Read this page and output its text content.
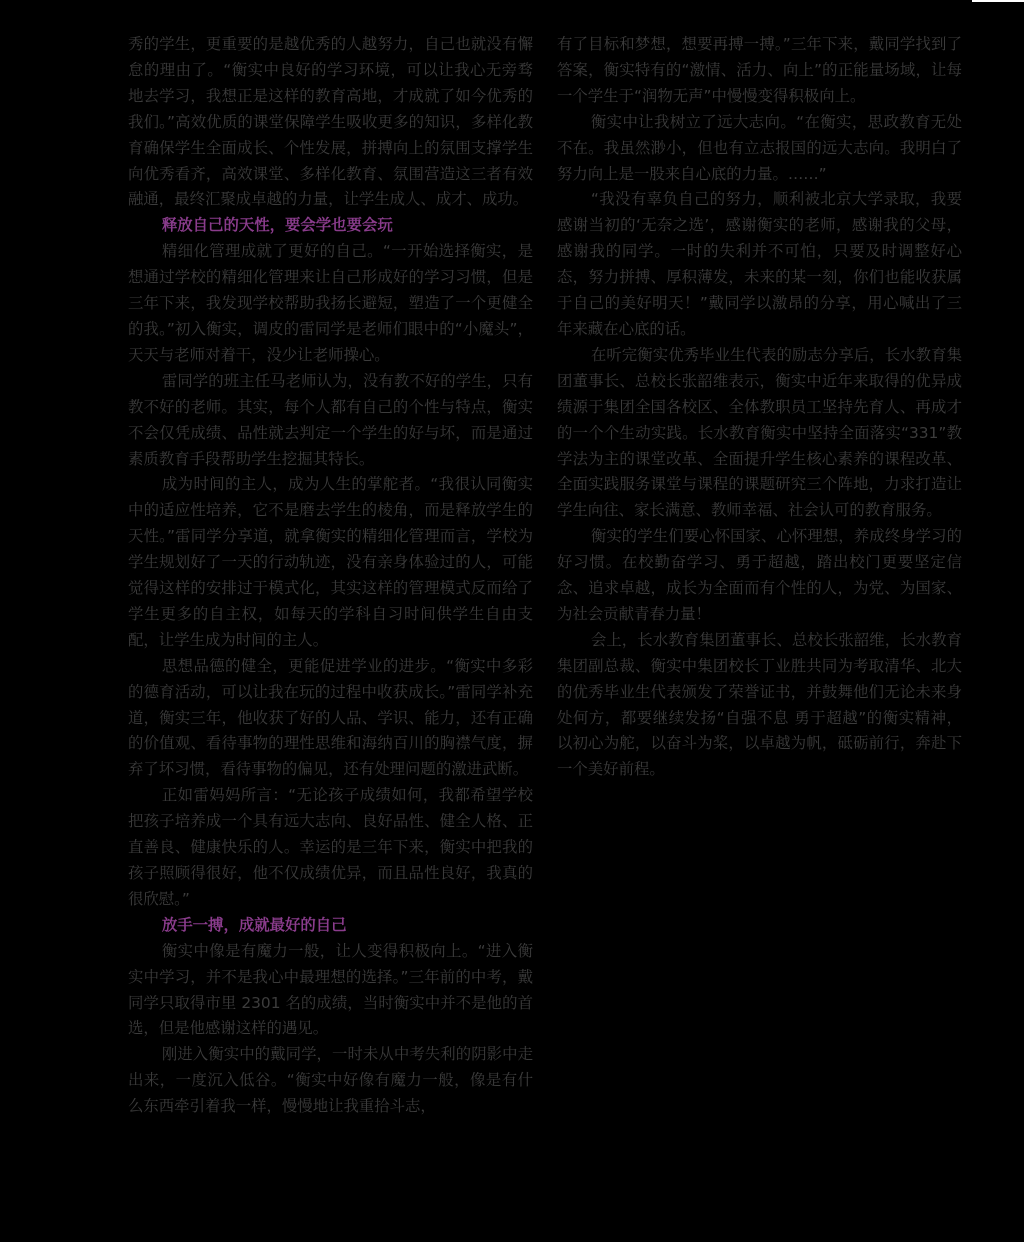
秀的学生，更重要的是越优秀的人越努力，自己也就没有懈怠的理由了。“衡实中良好的学习环境，可以让我心无旁骛地去学习，我想正是这样的教育高地，才成就了如今优秀的我们。”高效优质的课堂保障学生吸收更多的知识，多样化教育确保学生全面成长、个性发展，拼搏向上的氛围支撑学生向优秀看齐，高效课堂、多样化教育、氛围营造这三者有效融通，最终汇聚成卓越的力量，让学生成人、成才、成功。

释放自己的天性，要会学也要会玩

精细化管理成就了更好的自己。“一开始选择衡实，是想通过学校的精细化管理来让自己形成好的学习习惯，但是三年下来，我发现学校帮助我扬长避短，塑造了一个更健全的我。”初入衡实，调皮的雷同学是老师们眼中的“小魔头”，天天与老师对着干，没少让老师操心。

雷同学的班主任马老师认为，没有教不好的学生，只有教不好的老师。其实，每个人都有自己的个性与特点，衡实不会仅凭成绩、品性就去判定一个学生的好与坏，而是通过素质教育手段帮助学生挖掘其特长。

成为时间的主人，成为人生的掌舵者。“我很认同衡实中的适应性培养，它不是磨去学生的棱角，而是释放学生的天性。”雷同学分享道，就拿衡实的精细化管理而言，学校为学生规划好了一天的行动轨迹，没有亲身体验过的人，可能觉得这样的安排过于模式化，其实这样的管理模式反而给了学生更多的自主权，如每天的学科自习时间供学生自由支配，让学生成为时间的主人。

思想品德的健全，更能促进学业的进步。“衡实中多彩的德育活动，可以让我在玩的过程中收获成长。”雷同学补充道，衡实三年，他收获了好的人品、学识、能力，还有正确的价值观、看待事物的理性思维和海纳百川的胸襟气度，摒弃了坏习惯，看待事物的偏见，还有处理问题的激进武断。

正如雷妈妈所言：“无论孩子成绩如何，我都希望学校把孩子培养成一个具有远大志向、良好品性、健全人格、正直善良、健康快乐的人。幸运的是三年下来，衡实中把我的孩子照顾得很好，他不仅成绩优异，而且品性良好，我真的很欣慰。”

放手一搏，成就最好的自己

衡实中像是有魔力一般，让人变得积极向上。“进入衡实中学习，并不是我心中最理想的选择。”三年前的中考，戴同学只取得市里 2301 名的成绩，当时衡实中并不是他的首选，但是他感谢这样的遇见。

刚进入衡实中的戴同学，一时未从中考失利的阴影中走出来，一度沉入低谷。“衡实中好像有魔力一般，像是有什么东西牵引着我一样，慢慢地让我重拾斗志，

有了目标和梦想，想要再搏一搏。”三年下来，戴同学找到了答案，衡实特有的“激情、活力、向上”的正能量场域，让每一个学生于“润物无声”中慢慢变得积极向上。

衡实中让我树立了远大志向。“在衡实，思政教育无处不在。我虽然渺小，但也有立志报国的远大志向。我明白了努力向上是一股来自心底的力量。……”

“我没有辜负自己的努力，顺利被北京大学录取，我要感谢当初的‘无奈之选’，感谢衡实的老师，感谢我的父母，感谢我的同学。一时的失利并不可怕，只要及时调整好心态，努力拼搏、厚积薄发，未来的某一刻，你们也能收获属于自己的美好明天！”戴同学以激昂的分享，用心喊出了三年来藏在心底的话。

在听完衡实优秀毕业生代表的励志分享后，长水教育集团董事长、总校长张韶维表示，衡实中近年来取得的优异成绩源于集团全国各校区、全体教职员工坚持先育人、再成才的一个个生动实践。长水教育衡实中坚持全面落实“331”教学法为主的课堂改革、全面提升学生核心素养的课程改革、全面实践服务课堂与课程的课题研究三个阵地，力求打造让学生向往、家长满意、教师幸福、社会认可的教育服务。

衡实的学生们要心怀国家、心怀理想，养成终身学习的好习惯。在校勤奋学习、勇于超越，踏出校门更要坚定信念、追求卓越，成长为全面而有个性的人，为党、为国家、为社会贡献青春力量！

会上，长水教育集团董事长、总校长张韶维，长水教育集团副总裁、衡实中集团校长丁业胜共同为考取清华、北大的优秀毕业生代表颁发了荣誉证书，并鼓舞他们无论未来身处何方，都要继续发扬“自强不息 勇于超越”的衡实精神，以初心为舵，以奋斗为桨，以卓越为帆，砥砺前行，奔赴下一个美好前程。
